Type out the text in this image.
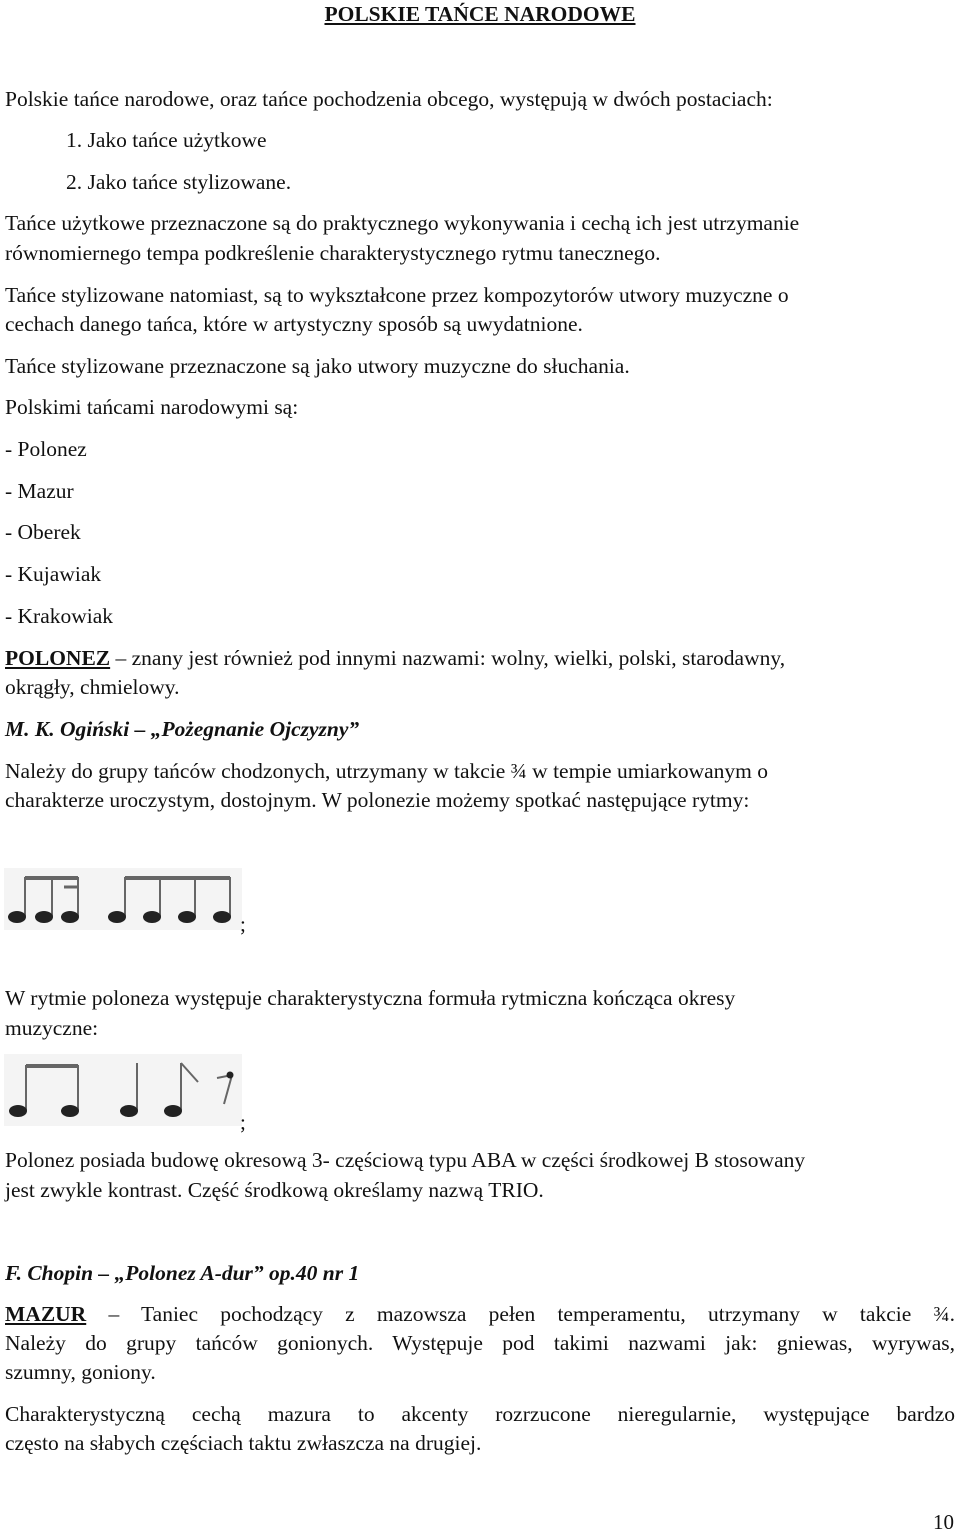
POLSKIE TAŃCE NARODOWE
Polskie tańce narodowe, oraz tańce pochodzenia obcego, występują w dwóch postaciach:
1. Jako tańce użytkowe
2. Jako tańce stylizowane.
Tańce użytkowe przeznaczone są do praktycznego wykonywania i cechą ich jest utrzymanie
równomiernego tempa podkreślenie charakterystycznego rytmu tanecznego.
Tańce stylizowane natomiast, są to wykształcone przez kompozytorów utwory muzyczne o
cechach danego tańca, które w artystyczny sposób są uwydatnione.
Tańce stylizowane przeznaczone są jako utwory muzyczne do słuchania.
Polskimi tańcami narodowymi są:
- Polonez
- Mazur
- Oberek
- Kujawiak
- Krakowiak
POLONEZ – znany jest również pod innymi nazwami: wolny, wielki, polski, starodawny,
okrągły, chmielowy.
M. K. Ogiński – „Pożegnanie Ojczyzny”
Należy do grupy tańców chodzonych, utrzymany w takcie ¾ w tempie umiarkowanym o
charakterze uroczystym, dostojnym. W polonezie możemy spotkać następujące rytmy:
;
W rytmie poloneza występuje charakterystyczna formuła rytmiczna kończąca okresy
muzyczne:
;
Polonez posiada budowę okresową 3- częściową typu ABA w części środkowej B stosowany
jest zwykle kontrast. Część środkową określamy nazwą TRIO.
F. Chopin – „Polonez A-dur” op.40 nr 1
MAZUR – Taniec pochodzący z mazowsza pełen temperamentu, utrzymany w takcie ¾.
Należy do grupy tańców gonionych. Występuje pod takimi nazwami jak: gniewas, wyrywas,
szumny, goniony.
Charakterystyczną cechą mazura to akcenty rozrzucone nieregularnie, występujące bardzo
często na słabych częściach taktu zwłaszcza na drugiej.
10
